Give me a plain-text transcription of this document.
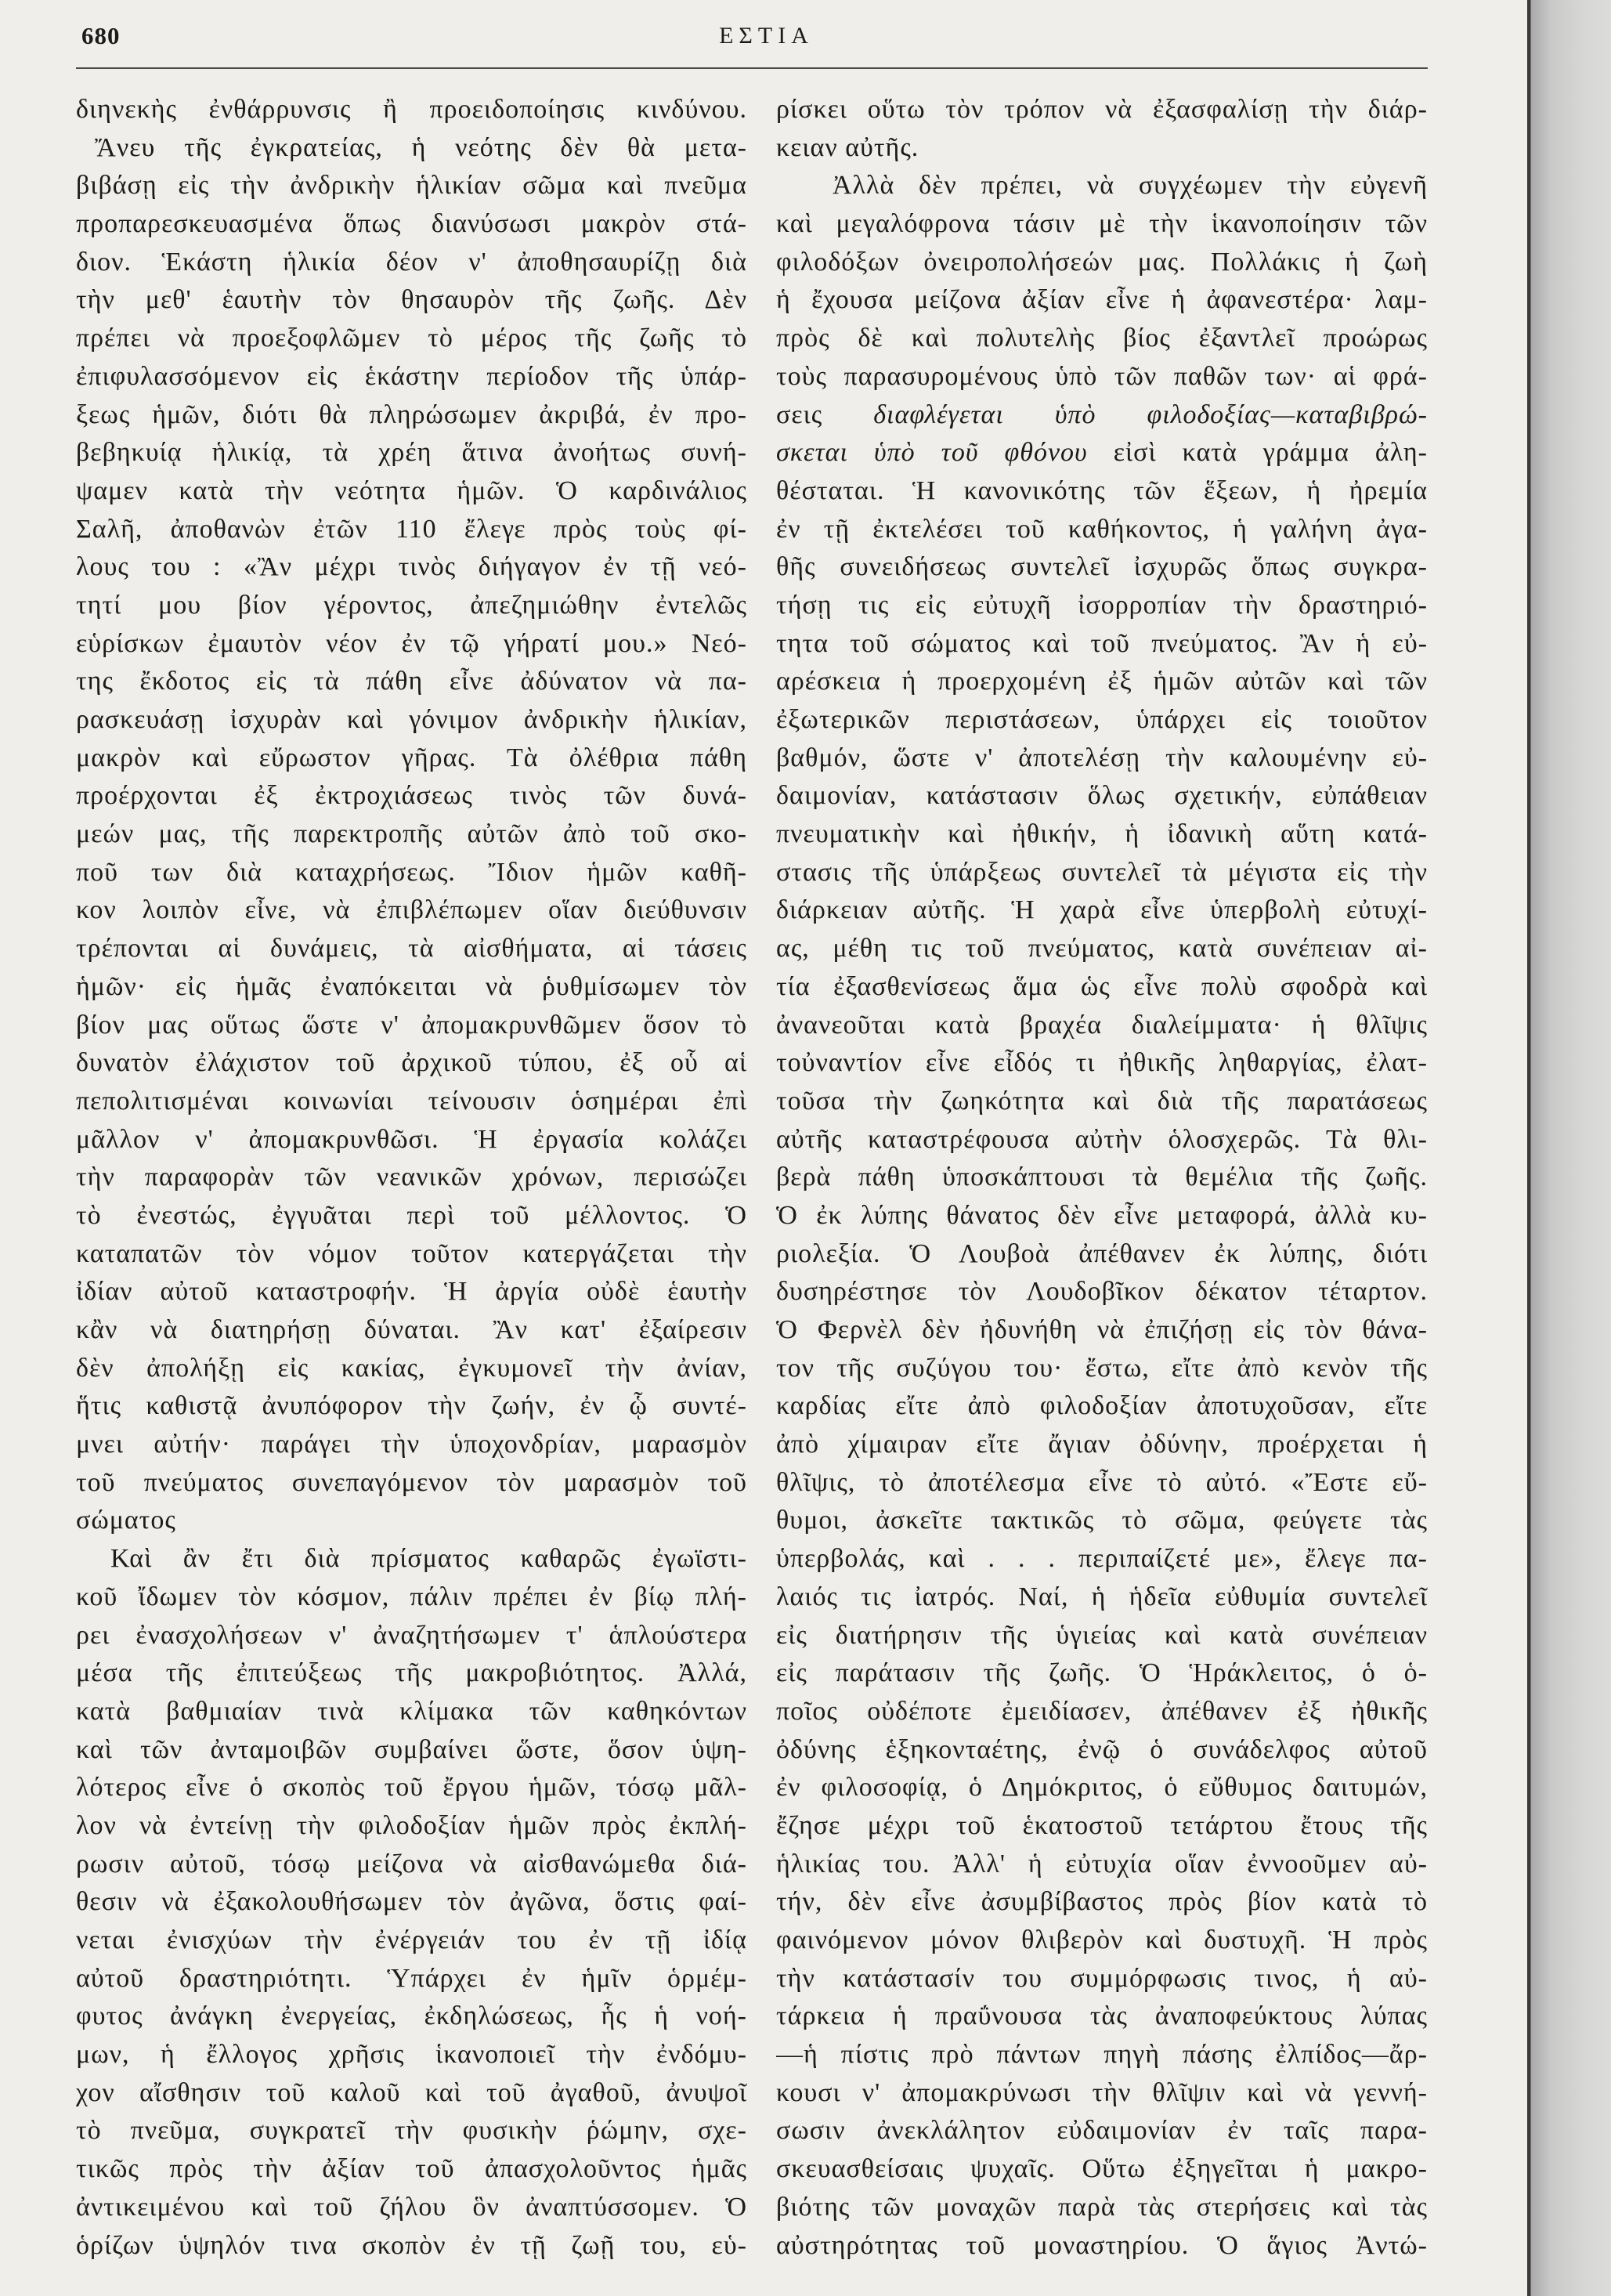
680	ΕΣΤΙΑ
διηνεκὴς ἐνθάρρυνσις ἢ προειδοποίησις κινδύνου.
Ἄνευ τῆς ἐγκρατείας, ἡ νεότης δὲν θὰ μετα-
βιβάσῃ εἰς τὴν ἀνδρικὴν ἡλικίαν σῶμα καὶ πνεῦμα
προπαρεσκευασμένα ὅπως διανύσωσι μακρὸν στά-
διον. Ἑκάστη ἡλικία δέον ν' ἀποθησαυρίζῃ διὰ
τὴν μεθ' ἑαυτὴν τὸν θησαυρὸν τῆς ζωῆς. Δὲν
πρέπει νὰ προεξοφλῶμεν τὸ μέρος τῆς ζωῆς τὸ
ἐπιφυλασσόμενον εἰς ἑκάστην περίοδον τῆς ὑπάρ-
ξεως ἡμῶν, διότι θὰ πληρώσωμεν ἀκριβά, ἐν προ-
βεβηκυίᾳ ἡλικίᾳ, τὰ χρέη ἅτινα ἀνοήτως συνή-
ψαμεν κατὰ τὴν νεότητα ἡμῶν. Ὁ καρδινάλιος
Σαλῆ, ἀποθανὼν ἐτῶν 110 ἔλεγε πρὸς τοὺς φί-
λους του : «Ἂν μέχρι τινὸς διήγαγον ἐν τῇ νεό-
τητί μου βίον γέροντος, ἀπεζημιώθην ἐντελῶς
εὑρίσκων ἐμαυτὸν νέον ἐν τῷ γήρατί μου.» Νεό-
της ἔκδοτος εἰς τὰ πάθη εἶνε ἀδύνατον νὰ πα-
ρασκευάσῃ ἰσχυρὰν καὶ γόνιμον ἀνδρικὴν ἡλικίαν,
μακρὸν καὶ εὔρωστον γῆρας. Τὰ ὀλέθρια πάθη
προέρχονται ἐξ ἐκτροχιάσεως τινὸς τῶν δυνά-
μεών μας, τῆς παρεκτροπῆς αὐτῶν ἀπὸ τοῦ σκο-
ποῦ των διὰ καταχρήσεως. Ἴδιον ἡμῶν καθῆ-
κον λοιπὸν εἶνε, νὰ ἐπιβλέπωμεν οἵαν διεύθυνσιν
τρέπονται αἱ δυνάμεις, τὰ αἰσθήματα, αἱ τάσεις
ἡμῶν· εἰς ἡμᾶς ἐναπόκειται νὰ ῥυθμίσωμεν τὸν
βίον μας οὕτως ὥστε ν' ἀπομακρυνθῶμεν ὅσον τὸ
δυνατὸν ἐλάχιστον τοῦ ἀρχικοῦ τύπου, ἐξ οὗ αἱ
πεπολιτισμέναι κοινωνίαι τείνουσιν ὁσημέραι ἐπὶ
μᾶλλον ν' ἀπομακρυνθῶσι. Ἡ ἐργασία κολάζει
τὴν παραφορὰν τῶν νεανικῶν χρόνων, περισώζει
τὸ ἐνεστώς, ἐγγυᾶται περὶ τοῦ μέλλοντος. Ὁ
καταπατῶν τὸν νόμον τοῦτον κατεργάζεται τὴν
ἰδίαν αὐτοῦ καταστροφήν. Ἡ ἀργία οὐδὲ ἑαυτὴν
κἂν νὰ διατηρήσῃ δύναται. Ἂν κατ' ἐξαίρεσιν
δὲν ἀπολήξῃ εἰς κακίας, ἐγκυμονεῖ τὴν ἀνίαν,
ἥτις καθιστᾷ ἀνυπόφορον τὴν ζωήν, ἐν ᾧ συντέ-
μνει αὐτήν· παράγει τὴν ὑποχονδρίαν, μαρασμὸν
τοῦ πνεύματος συνεπαγόμενον τὸν μαρασμὸν τοῦ
σώματος
Καὶ ἂν ἔτι διὰ πρίσματος καθαρῶς ἐγωϊστι-
κοῦ ἴδωμεν τὸν κόσμον, πάλιν πρέπει ἐν βίῳ πλή-
ρει ἐνασχολήσεων ν' ἀναζητήσωμεν τ' ἁπλούστερα
μέσα τῆς ἐπιτεύξεως τῆς μακροβιότητος. Ἀλλά,
κατὰ βαθμιαίαν τινὰ κλίμακα τῶν καθηκόντων
καὶ τῶν ἀνταμοιβῶν συμβαίνει ὥστε, ὅσον ὑψη-
λότερος εἶνε ὁ σκοπὸς τοῦ ἔργου ἡμῶν, τόσῳ μᾶλ-
λον νὰ ἐντείνῃ τὴν φιλοδοξίαν ἡμῶν πρὸς ἐκπλή-
ρωσιν αὐτοῦ, τόσῳ μείζονα νὰ αἰσθανώμεθα διά-
θεσιν νὰ ἐξακολουθήσωμεν τὸν ἀγῶνα, ὅστις φαί-
νεται ἐνισχύων τὴν ἐνέργειάν του ἐν τῇ ἰδίᾳ
αὐτοῦ δραστηριότητι. Ὑπάρχει ἐν ἡμῖν ὁρμέμ-
φυτος ἀνάγκη ἐνεργείας, ἐκδηλώσεως, ἧς ἡ νοή-
μων, ἡ ἔλλογος χρῆσις ἱκανοποιεῖ τὴν ἐνδόμυ-
χον αἴσθησιν τοῦ καλοῦ καὶ τοῦ ἀγαθοῦ, ἀνυψοῖ
τὸ πνεῦμα, συγκρατεῖ τὴν φυσικὴν ῥώμην, σχε-
τικῶς πρὸς τὴν ἀξίαν τοῦ ἀπασχολοῦντος ἡμᾶς
ἀντικειμένου καὶ τοῦ ζήλου ὃν ἀναπτύσσομεν. Ὁ
ὁρίζων ὑψηλόν τινα σκοπὸν ἐν τῇ ζωῇ του, εὑ-
ρίσκει οὕτω τὸν τρόπον νὰ ἐξασφαλίσῃ τὴν διάρ-
κειαν αὐτῆς.
Ἀλλὰ δὲν πρέπει, νὰ συγχέωμεν τὴν εὐγενῆ
καὶ μεγαλόφρονα τάσιν μὲ τὴν ἱκανοποίησιν τῶν
φιλοδόξων ὀνειροπολήσεών μας. Πολλάκις ἡ ζωὴ
ἡ ἔχουσα μείζονα ἀξίαν εἶνε ἡ ἀφανεστέρα· λαμ-
πρὸς δὲ καὶ πολυτελὴς βίος ἐξαντλεῖ προώρως
τοὺς παρασυρομένους ὑπὸ τῶν παθῶν των· αἱ φρά-
σεις διαφλέγεται ὑπὸ φιλοδοξίας—καταβιβρώ-
σκεται ὑπὸ τοῦ φθόνου εἰσὶ κατὰ γράμμα ἀλη-
θέσταται. Ἡ κανονικότης τῶν ἕξεων, ἡ ἠρεμία
ἐν τῇ ἐκτελέσει τοῦ καθήκοντος, ἡ γαλήνη ἀγα-
θῆς συνειδήσεως συντελεῖ ἰσχυρῶς ὅπως συγκρα-
τήσῃ τις εἰς εὐτυχῆ ἰσορροπίαν τὴν δραστηριό-
τητα τοῦ σώματος καὶ τοῦ πνεύματος. Ἂν ἡ εὐ-
αρέσκεια ἡ προερχομένη ἐξ ἡμῶν αὐτῶν καὶ τῶν
ἐξωτερικῶν περιστάσεων, ὑπάρχει εἰς τοιοῦτον
βαθμόν, ὥστε ν' ἀποτελέσῃ τὴν καλουμένην εὐ-
δαιμονίαν, κατάστασιν ὅλως σχετικήν, εὐπάθειαν
πνευματικὴν καὶ ἠθικήν, ἡ ἰδανικὴ αὕτη κατά-
στασις τῆς ὑπάρξεως συντελεῖ τὰ μέγιστα εἰς τὴν
διάρκειαν αὐτῆς. Ἡ χαρὰ εἶνε ὑπερβολὴ εὐτυχί-
ας, μέθη τις τοῦ πνεύματος, κατὰ συνέπειαν αἰ-
τία ἐξασθενίσεως ἅμα ὡς εἶνε πολὺ σφοδρὰ καὶ
ἀνανεοῦται κατὰ βραχέα διαλείμματα· ἡ θλῖψις
τοὐναντίον εἶνε εἶδός τι ἠθικῆς ληθαργίας, ἐλατ-
τοῦσα τὴν ζωηκότητα καὶ διὰ τῆς παρατάσεως
αὐτῆς καταστρέφουσα αὐτὴν ὁλοσχερῶς. Τὰ θλι-
βερὰ πάθη ὑποσκάπτουσι τὰ θεμέλια τῆς ζωῆς.
Ὁ ἐκ λύπης θάνατος δὲν εἶνε μεταφορά, ἀλλὰ κυ-
ριολεξία. Ὁ Λουβοὰ ἀπέθανεν ἐκ λύπης, διότι
δυσηρέστησε τὸν Λουδοβῖκον δέκατον τέταρτον.
Ὁ Φερνὲλ δὲν ἠδυνήθη νὰ ἐπιζήσῃ εἰς τὸν θάνα-
τον τῆς συζύγου του· ἔστω, εἴτε ἀπὸ κενὸν τῆς
καρδίας εἴτε ἀπὸ φιλοδοξίαν ἀποτυχοῦσαν, εἴτε
ἀπὸ χίμαιραν εἴτε ἄγιαν ὀδύνην, προέρχεται ἡ
θλῖψις, τὸ ἀποτέλεσμα εἶνε τὸ αὐτό. «Ἔστε εὔ-
θυμοι, ἀσκεῖτε τακτικῶς τὸ σῶμα, φεύγετε τὰς
ὑπερβολάς, καὶ . . . περιπαίζετέ με», ἔλεγε πα-
λαιός τις ἰατρός. Ναί, ἡ ἡδεῖα εὐθυμία συντελεῖ
εἰς διατήρησιν τῆς ὑγιείας καὶ κατὰ συνέπειαν
εἰς παράτασιν τῆς ζωῆς. Ὁ Ἡράκλειτος, ὁ ὁ-
ποῖος οὐδέποτε ἐμειδίασεν, ἀπέθανεν ἐξ ἠθικῆς
ὀδύνης ἑξηκονταέτης, ἐνῷ ὁ συνάδελφος αὐτοῦ
ἐν φιλοσοφίᾳ, ὁ Δημόκριτος, ὁ εὔθυμος δαιτυμών,
ἔζησε μέχρι τοῦ ἑκατοστοῦ τετάρτου ἔτους τῆς
ἡλικίας του. Ἀλλ' ἡ εὐτυχία οἵαν ἐννοοῦμεν αὐ-
τήν, δὲν εἶνε ἀσυμβίβαστος πρὸς βίον κατὰ τὸ
φαινόμενον μόνον θλιβερὸν καὶ δυστυχῆ. Ἡ πρὸς
τὴν κατάστασίν του συμμόρφωσις τινος, ἡ αὐ-
τάρκεια ἡ πραΰνουσα τὰς ἀναποφεύκτους λύπας
—ἡ πίστις πρὸ πάντων πηγὴ πάσης ἐλπίδος—ἄρ-
κουσι ν' ἀπομακρύνωσι τὴν θλῖψιν καὶ νὰ γεννή-
σωσιν ἀνεκλάλητον εὐδαιμονίαν ἐν ταῖς παρα-
σκευασθείσαις ψυχαῖς. Οὕτω ἐξηγεῖται ἡ μακρο-
βιότης τῶν μοναχῶν παρὰ τὰς στερήσεις καὶ τὰς
αὐστηρότητας τοῦ μοναστηρίου. Ὁ ἅγιος Ἀντώ-
